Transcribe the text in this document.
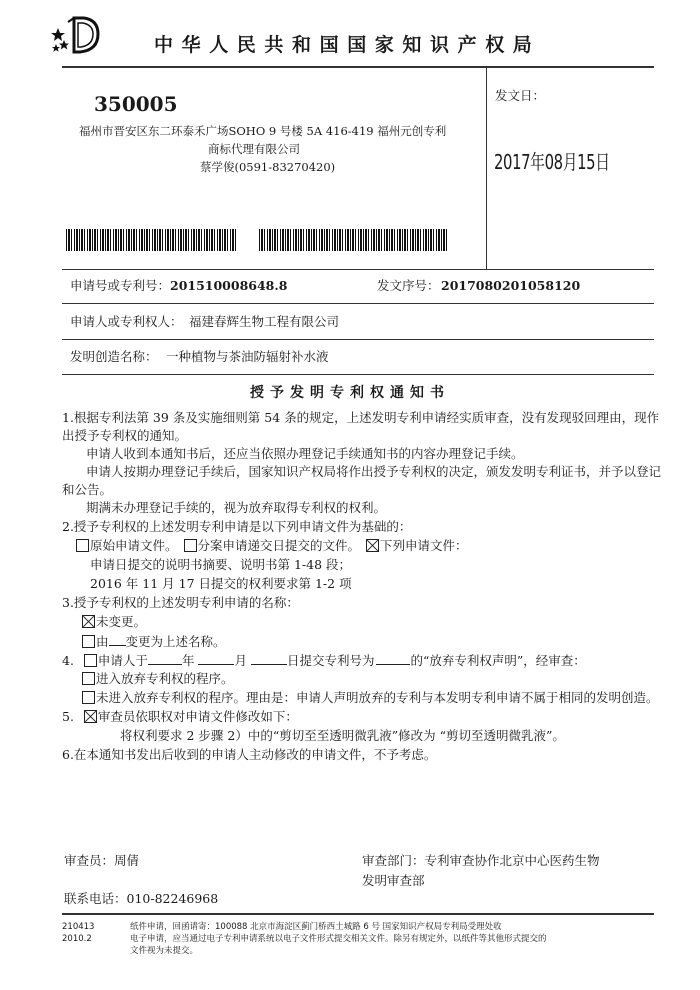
中华人民共和国国家知识产权局
350005
福州市晋安区东二环泰禾广场SOHO 9 号楼 5A 416-419 福州元创专利
商标代理有限公司
蔡学俊(0591-83270420)
发文日：
2017年08月15日
申请号或专利号： 201510008648.8	发文序号： 2017080201058120
申请人或专利权人： 福建春辉生物工程有限公司
发明创造名称： 一种植物与茶油防辐射补水液
授予发明专利权通知书
1.根据专利法第 39 条及实施细则第 54 条的规定，上述发明专利申请经实质审查，没有发现驳回理由，现作
出授予专利权的通知。
申请人收到本通知书后，还应当依照办理登记手续通知书的内容办理登记手续。
申请人按期办理登记手续后，国家知识产权局将作出授予专利权的决定，颁发发明专利证书，并予以登记
和公告。
期满未办理登记手续的，视为放弃取得专利权的权利。
2.授予专利权的上述发明专利申请是以下列申请文件为基础的：
原始申请文件。 分案申请递交日提交的文件。 下列申请文件：
申请日提交的说明书摘要、说明书第 1-48 段；
2016 年 11 月 17 日提交的权利要求第 1-2 项
3.授予专利权的上述发明专利申请的名称：
未变更。
由 变更为上述名称。
4. 申请人于	年	月	日提交专利号为	的“放弃专利权声明”，经审查：
进入放弃专利权的程序。
未进入放弃专利权的程序。理由是：申请人声明放弃的专利与本发明专利申请不属于相同的发明创造。
5. 审查员依职权对申请文件修改如下：
将权利要求 2 步骤 2）中的“剪切至至透明微乳液”修改为 “剪切至透明微乳液”。
6.在本通知书发出后收到的申请人主动修改的申请文件，不予考虑。
审查员：周倩	审查部门：专利审查协作北京中心医药生物
发明审查部
联系电话：010-82246968
210413
2010.2
纸件申请，回函请寄：100088 北京市海淀区蓟门桥西土城路 6 号 国家知识产权局专利局受理处收
电子申请，应当通过电子专利申请系统以电子文件形式提交相关文件。除另有规定外，以纸件等其他形式提交的
文件视为未提交。
